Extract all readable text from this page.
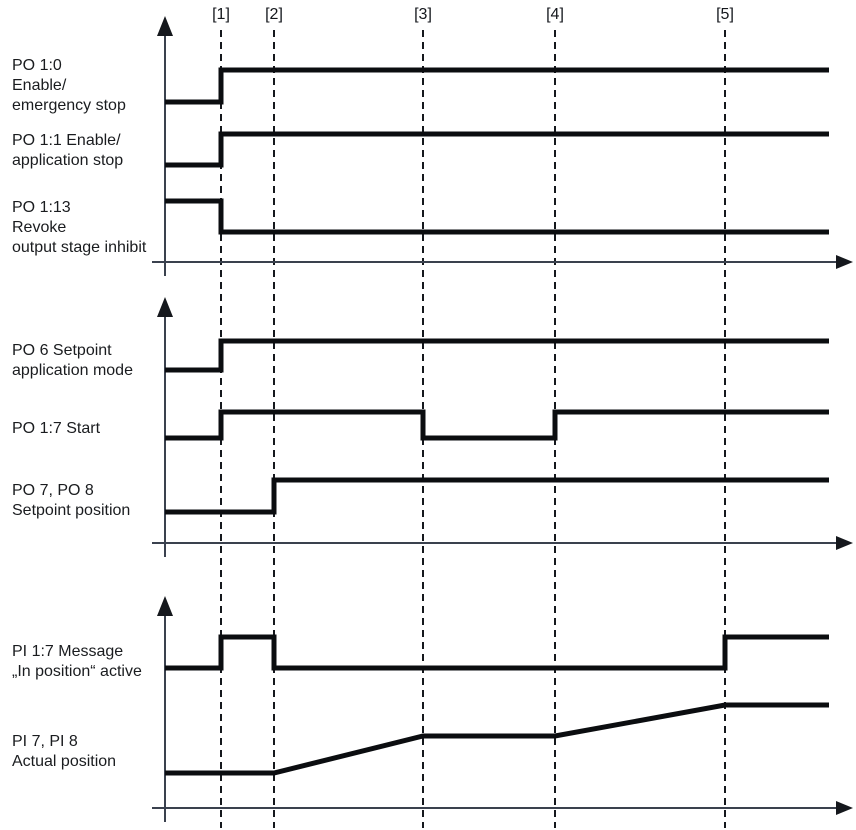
[1] [2]	[3]	[4]	[5]
PO 1:0
Enable/
emergency stop
PO 1:1 Enable/
application stop
PO 1:13
Revoke
output stage inhibit
PO 6 Setpoint
application mode
PO 1:7 Start
PO 7, PO 8
Setpoint position
PI 1:7 Message
„In position“ active
PI 7, PI 8
Actual position
